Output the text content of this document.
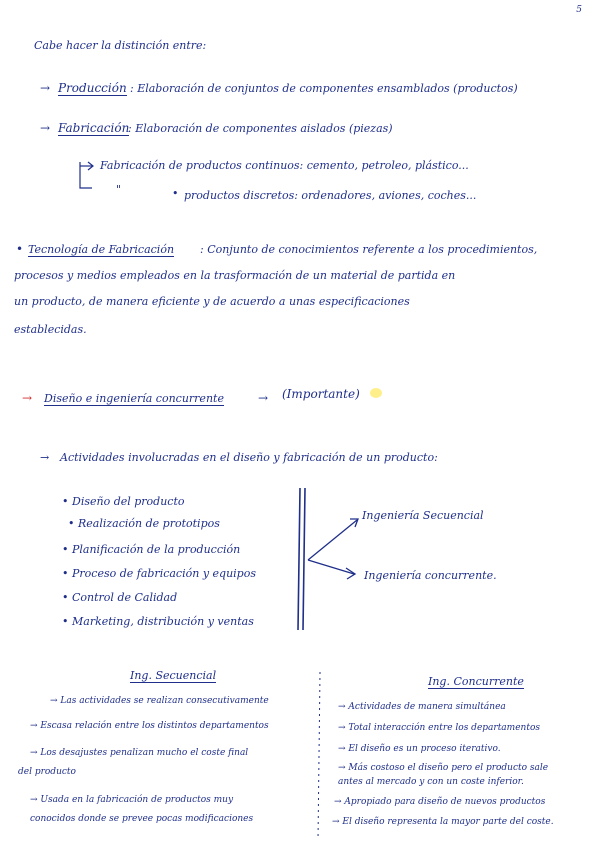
5
Cabe hacer la distinción entre:
→ Producción : Elaboración de conjuntos de componentes ensamblados (productos)
→ Fabricación
: Elaboración de componentes aislados (piezas)
Fabricación de productos continuos: cemento, petroleo, plástico...
"	• productos discretos: ordenadores, aviones, coches...
• Tecnología de Fabricación : Conjunto de conocimientos referente a los procedimientos,
procesos y medios empleados en la trasformación de un material de partida en
un producto, de manera eficiente y de acuerdo a unas especificaciones
establecidas.
→ Diseño e ingeniería concurrente	→ (Importante)
→ Actividades involucradas en el diseño y fabricación de un producto:
• Diseño del producto
• Realización de prototipos
• Planificación de la producción
• Proceso de fabricación y equipos
• Control de Calidad
• Marketing, distribución y ventas
Ingeniería Secuencial
Ingeniería concurrente.
Ing. Secuencial
→ Las actividades se realizan consecutivamente
→ Escasa relación entre los distintos departamentos
→ Los desajustes penalizan mucho el coste final
del producto
→ Usada en la fabricación de productos muy
conocidos donde se prevee pocas modificaciones
Ing. Concurrente
→ Actividades de manera simultánea
→ Total interacción entre los departamentos
→ El diseño es un proceso iterativo.
→ Más costoso el diseño pero el producto sale
antes al mercado y con un coste inferior.
→ Apropiado para diseño de nuevos productos
→ El diseño representa la mayor parte del coste.
